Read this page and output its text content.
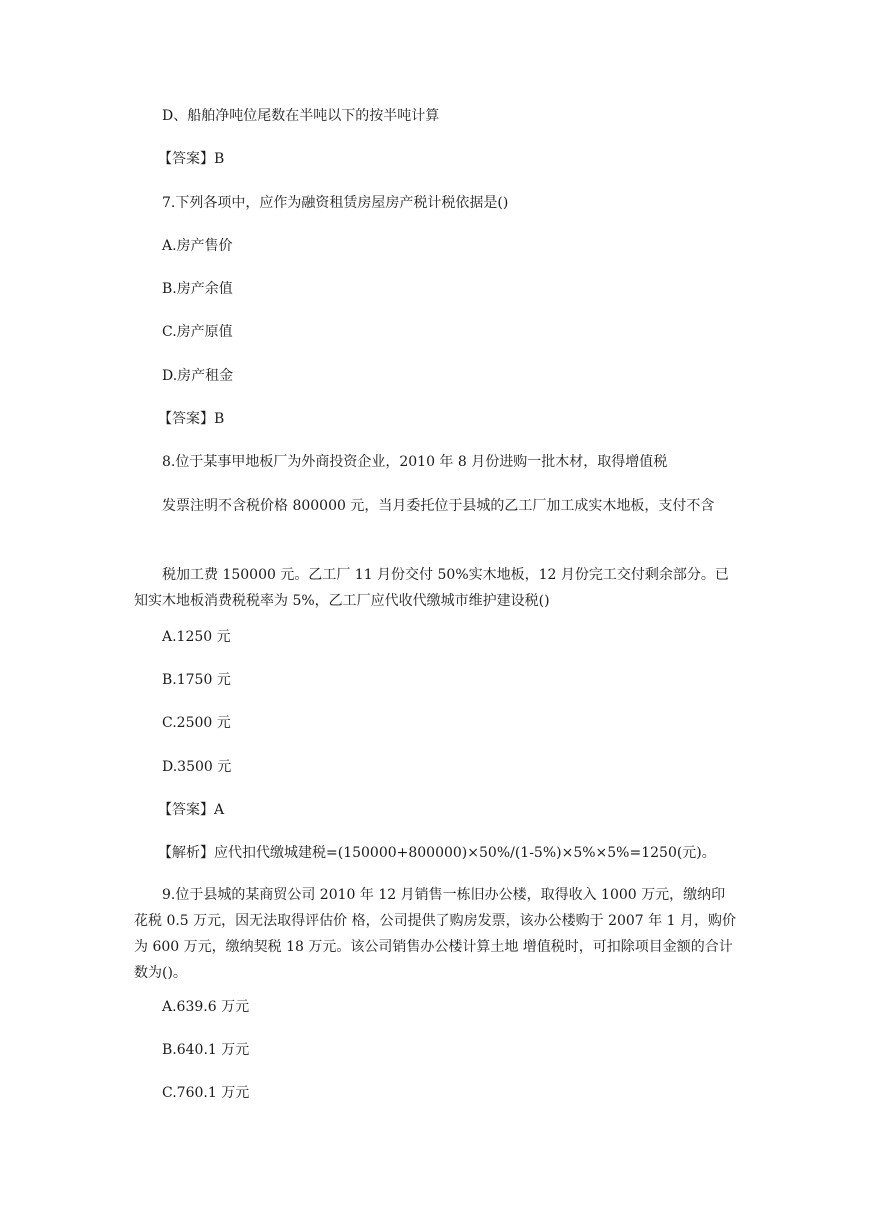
D、船舶净吨位尾数在半吨以下的按半吨计算
【答案】B
7.下列各项中，应作为融资租赁房屋房产税计税依据是()
A.房产售价
B.房产余值
C.房产原值
D.房产租金
【答案】B
8.位于某事甲地板厂为外商投资企业，2010 年 8 月份进购一批木材，取得增值税
发票注明不含税价格 800000 元，当月委托位于县城的乙工厂加工成实木地板，支付不含
税加工费 150000 元。乙工厂 11 月份交付 50%实木地板，12 月份完工交付剩余部分。已知实木地板消费税税率为 5%，乙工厂应代收代缴城市维护建设税()
A.1250 元
B.1750 元
C.2500 元
D.3500 元
【答案】A
【解析】应代扣代缴城建税=(150000+800000)×50%/(1-5%)×5%×5%=1250(元)。
9.位于县城的某商贸公司 2010 年 12 月销售一栋旧办公楼，取得收入 1000 万元，缴纳印花税 0.5 万元，因无法取得评估价 格，公司提供了购房发票，该办公楼购于 2007 年 1 月，购价为 600 万元，缴纳契税 18 万元。该公司销售办公楼计算土地 增值税时，可扣除项目金额的合计数为()。
A.639.6 万元
B.640.1 万元
C.760.1 万元
